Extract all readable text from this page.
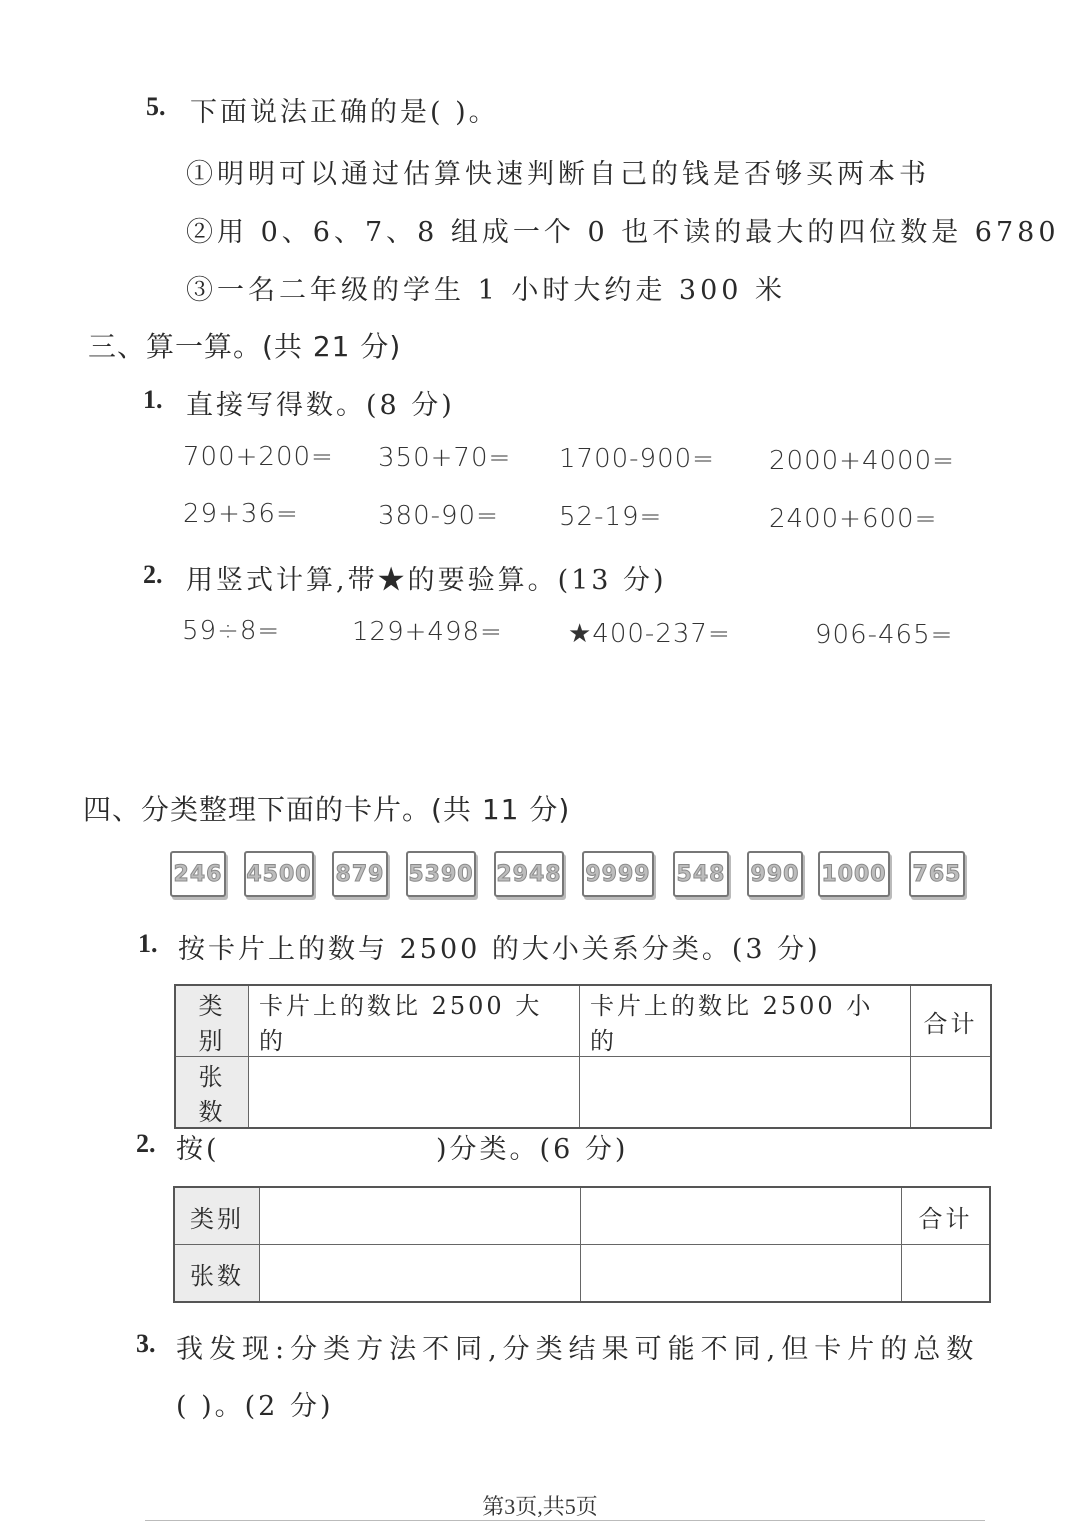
5. 下面说法正确的是( )。
①明明可以通过估算快速判断自己的钱是否够买两本书
②用 0、6、7、8 组成一个 0 也不读的最大的四位数是 6780
③一名二年级的学生 1 小时大约走 300 米
三、算一算。(共 21 分)
1. 直接写得数。(8 分)
700+200= 350+70= 1700-900= 2000+4000=
29+36=	380-90= 52-19=	2400+600=
2. 用竖式计算,带★的要验算。(13 分)
59÷8=	129+498=	★400-237=	906-465=
四、分类整理下面的卡片。(共 11 分)
246 4500 879 5390 2948 9999 548 990 1000 765
1. 按卡片上的数与 2500 的大小关系分类。(3 分)
类别	卡片上的数比 2500 大的	卡片上的数比 2500 小的	合计
张数			
2. 按(	)分类。(6 分)
类别			合计
张数			
3. 我发现:分类方法不同,分类结果可能不同,但卡片的总数
( )。(2 分)
第3页,共5页
